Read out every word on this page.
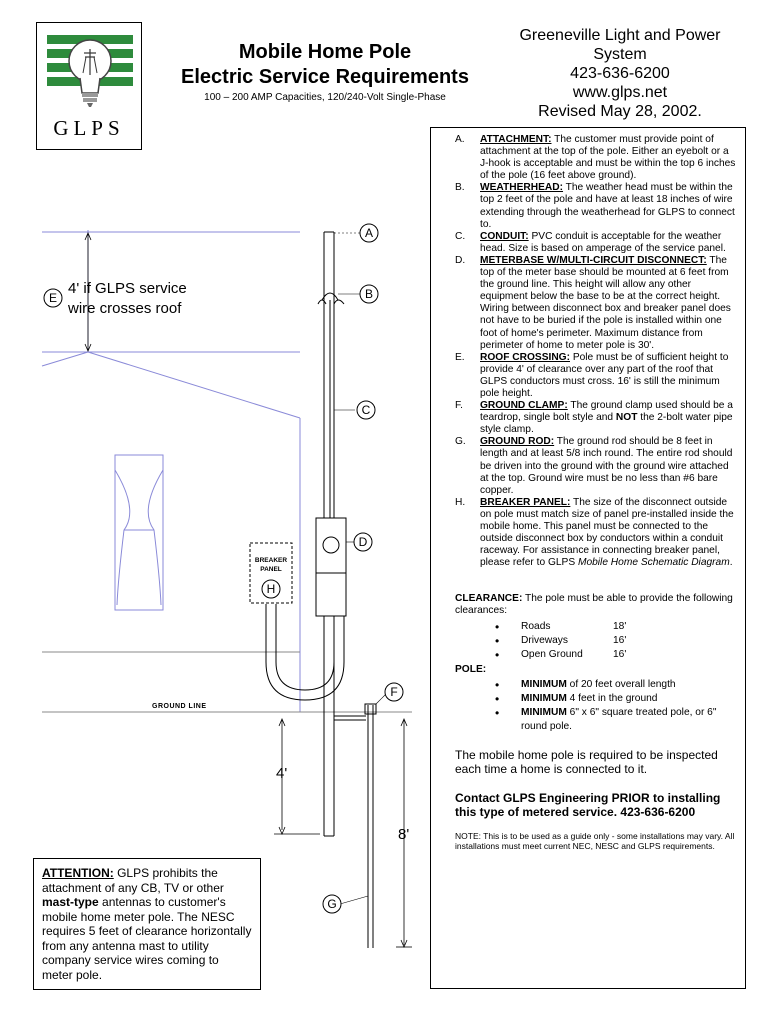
GLPS
Mobile Home Pole
Electric Service Requirements
100 – 200 AMP Capacities, 120/240-Volt Single-Phase
Greeneville Light and Power
System
423-636-6200
www.glps.net
Revised May 28, 2002.
BREAKER
PANEL
A
B
C
D
E
F
G
H
4' if GLPS service
wire crosses roof
GROUND LINE
4'
8'
A. ATTACHMENT: The customer must provide point of attachment at the top of the pole. Either an eyebolt or a J-hook is acceptable and must be within the top 6 inches of the pole (16 feet above ground).
B. WEATHERHEAD: The weather head must be within the top 2 feet of the pole and have at least 18 inches of wire extending through the weatherhead for GLPS to connect to.
C. CONDUIT: PVC conduit is acceptable for the weather head. Size is based on amperage of the service panel.
D. METERBASE W/MULTI-CIRCUIT DISCONNECT: The top of the meter base should be mounted at 6 feet from the ground line. This height will allow any other equipment below the base to be at the correct height. Wiring between disconnect box and breaker panel does not have to be buried if the pole is installed within one foot of home's perimeter. Maximum distance from perimeter of home to meter pole is 30'.
E. ROOF CROSSING: Pole must be of sufficient height to provide 4' of clearance over any part of the roof that GLPS conductors must cross. 16' is still the minimum pole height.
F. GROUND CLAMP: The ground clamp used should be a teardrop, single bolt style and NOT the 2-bolt water pipe style clamp.
G. GROUND ROD: The ground rod should be 8 feet in length and at least 5/8 inch round. The entire rod should be driven into the ground with the ground wire attached at the top. Ground wire must be no less than #6 bare copper.
H. BREAKER PANEL: The size of the disconnect outside on pole must match size of panel pre-installed inside the mobile home. This panel must be connected to the outside disconnect box by conductors within a conduit raceway. For assistance in connecting breaker panel, please refer to GLPS Mobile Home Schematic Diagram.
CLEARANCE: The pole must be able to provide the following clearances:
• Roads	18'
• Driveways	16'
• Open Ground	16'
POLE:
• MINIMUM of 20 feet overall length
• MINIMUM 4 feet in the ground
• MINIMUM 6" x 6" square treated pole, or 6" round pole.
The mobile home pole is required to be inspected each time a home is connected to it.
Contact GLPS Engineering PRIOR to installing this type of metered service. 423-636-6200
NOTE: This is to be used as a guide only - some installations may vary. All installations must meet current NEC, NESC and GLPS requirements.
ATTENTION: GLPS prohibits the attachment of any CB, TV or other mast-type antennas to customer's mobile home meter pole. The NESC requires 5 feet of clearance horizontally from any antenna mast to utility company service wires coming to meter pole.
